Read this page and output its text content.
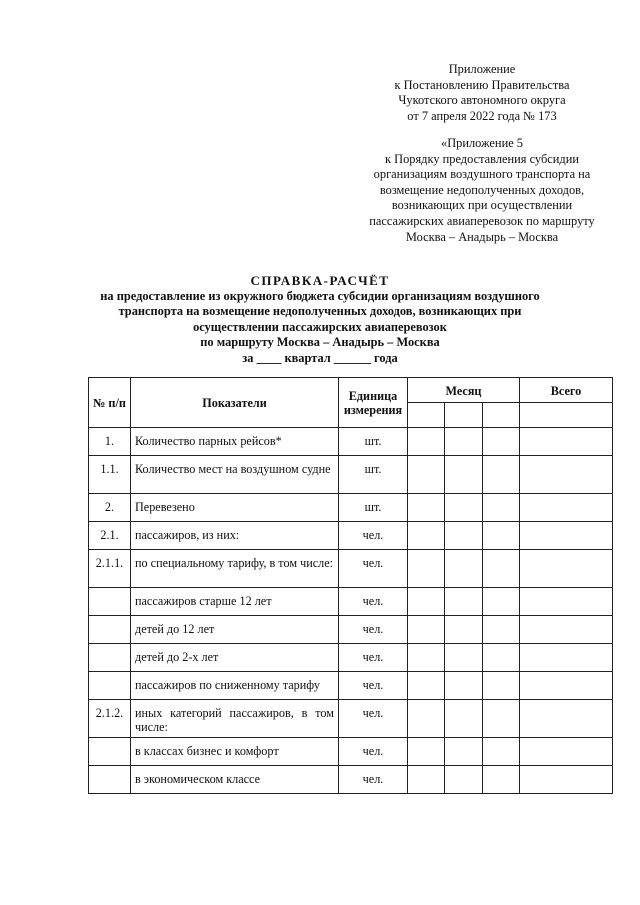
Приложение
к Постановлению Правительства
Чукотского автономного округа
от 7 апреля 2022 года № 173
«Приложение 5
к Порядку предоставления субсидии
организациям воздушного транспорта на
возмещение недополученных доходов,
возникающих при осуществлении
пассажирских авиаперевозок по маршруту
Москва – Анадырь – Москва
СПРАВКА-РАСЧЁТ
на предоставление из окружного бюджета субсидии организациям воздушного
транспорта на возмещение недополученных доходов, возникающих при
осуществлении пассажирских авиаперевозок
по маршруту Москва – Анадырь – Москва
за ____ квартал ______ года
№ п/п	Показатели	Единица измерения	Месяц			Всего

1.	Количество парных рейсов*	шт.				
1.1.	Количество мест на воздушном судне	шт.				
2.	Перевезено	шт.				
2.1.	пассажиров, из них:	чел.				
2.1.1.	по специальному тарифу, в том числе:	чел.				
	пассажиров старше 12 лет	чел.				
	детей до 12 лет	чел.				
	детей до 2-х лет	чел.				
	пассажиров по сниженному тарифу	чел.				
2.1.2.	иных категорий пассажиров, в том числе:	чел.				
	в классах бизнес и комфорт	чел.				
	в экономическом классе	чел.				
